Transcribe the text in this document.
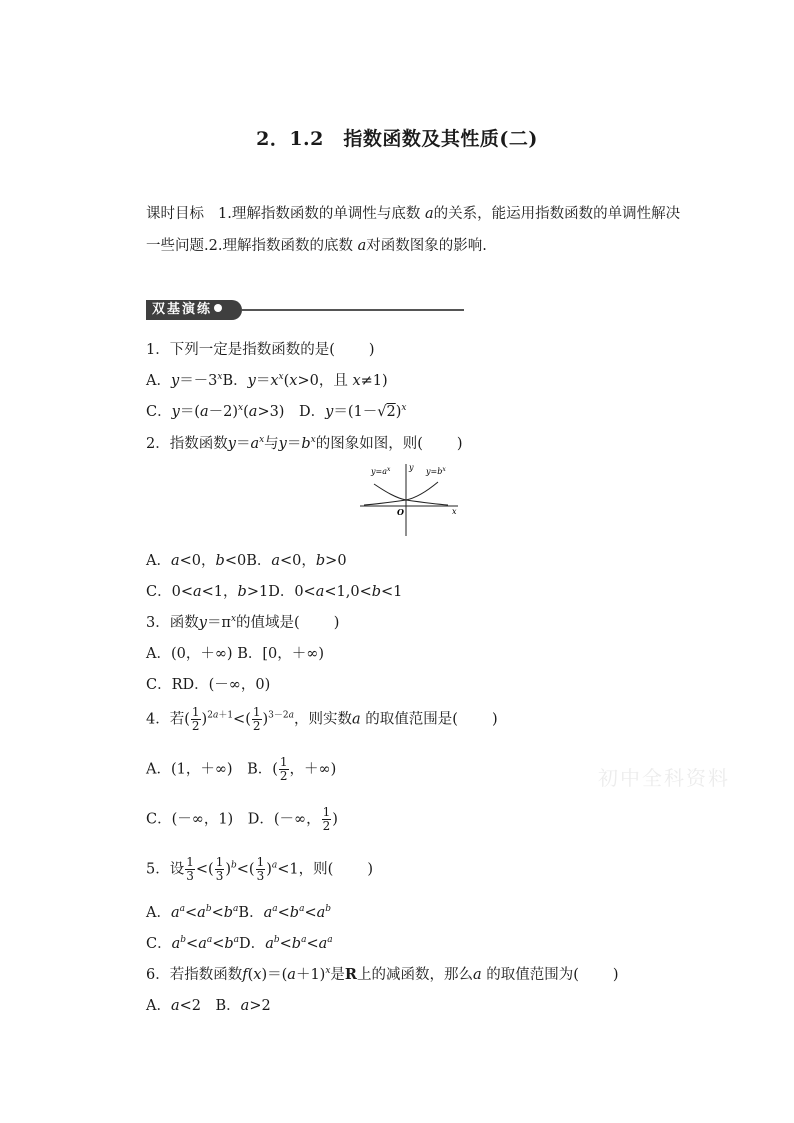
2．1.2　指数函数及其性质(二)
课时目标 1.理解指数函数的单调性与底数 a的关系，能运用指数函数的单调性解决一些问题.2.理解指数函数的底数 a对函数图象的影响.
双基演练
1．下列一定是指数函数的是( )
A．$y=-3^xB$．$y=x^x(x>0$，且 x≠1)
C．$y=(a-2)^x(a>3)$　D．$y=(1-√2)^x$
2．指数函数$y=a^x$与$y=b^x$的图象如图，则( )
$y=a^x$	$y=b^x$
y
x
O
A．a<0，b<0B．a<0，b>0
C．0<a<1，b>1D．0<a<1,0<b<1
3．函数$y=\pi^x$的值域是( )
A．(0，＋∞) B．[0，＋∞)
C．RD．(－∞，0)
4．若( $\frac{1}{2} )^{2a+1}<( \frac{1}{2} )^{3-2a}$，则实数a 的取值范围是( )
A．(1，＋∞)　B．( $\frac{1}{2}$ ，＋∞)
C．(－∞，1)　D．(－∞， $\frac{1}{2}$ )
5．设 $\frac{1}{3}$ <( $\frac{1}{3} )^b<( \frac{1}{3} )^a<1$，则( )
A．$a^a<a^b<b^aB$．$a^a<b^a<a^b$
C．$a^b<a^a<b^aD$．$a^b<b^a<a^a$
6．若指数函数$f(x)=(a+1)^x$是R上的减函数，那么a 的取值范围为( )
A．a<2　B．a>2
初中全科资料
